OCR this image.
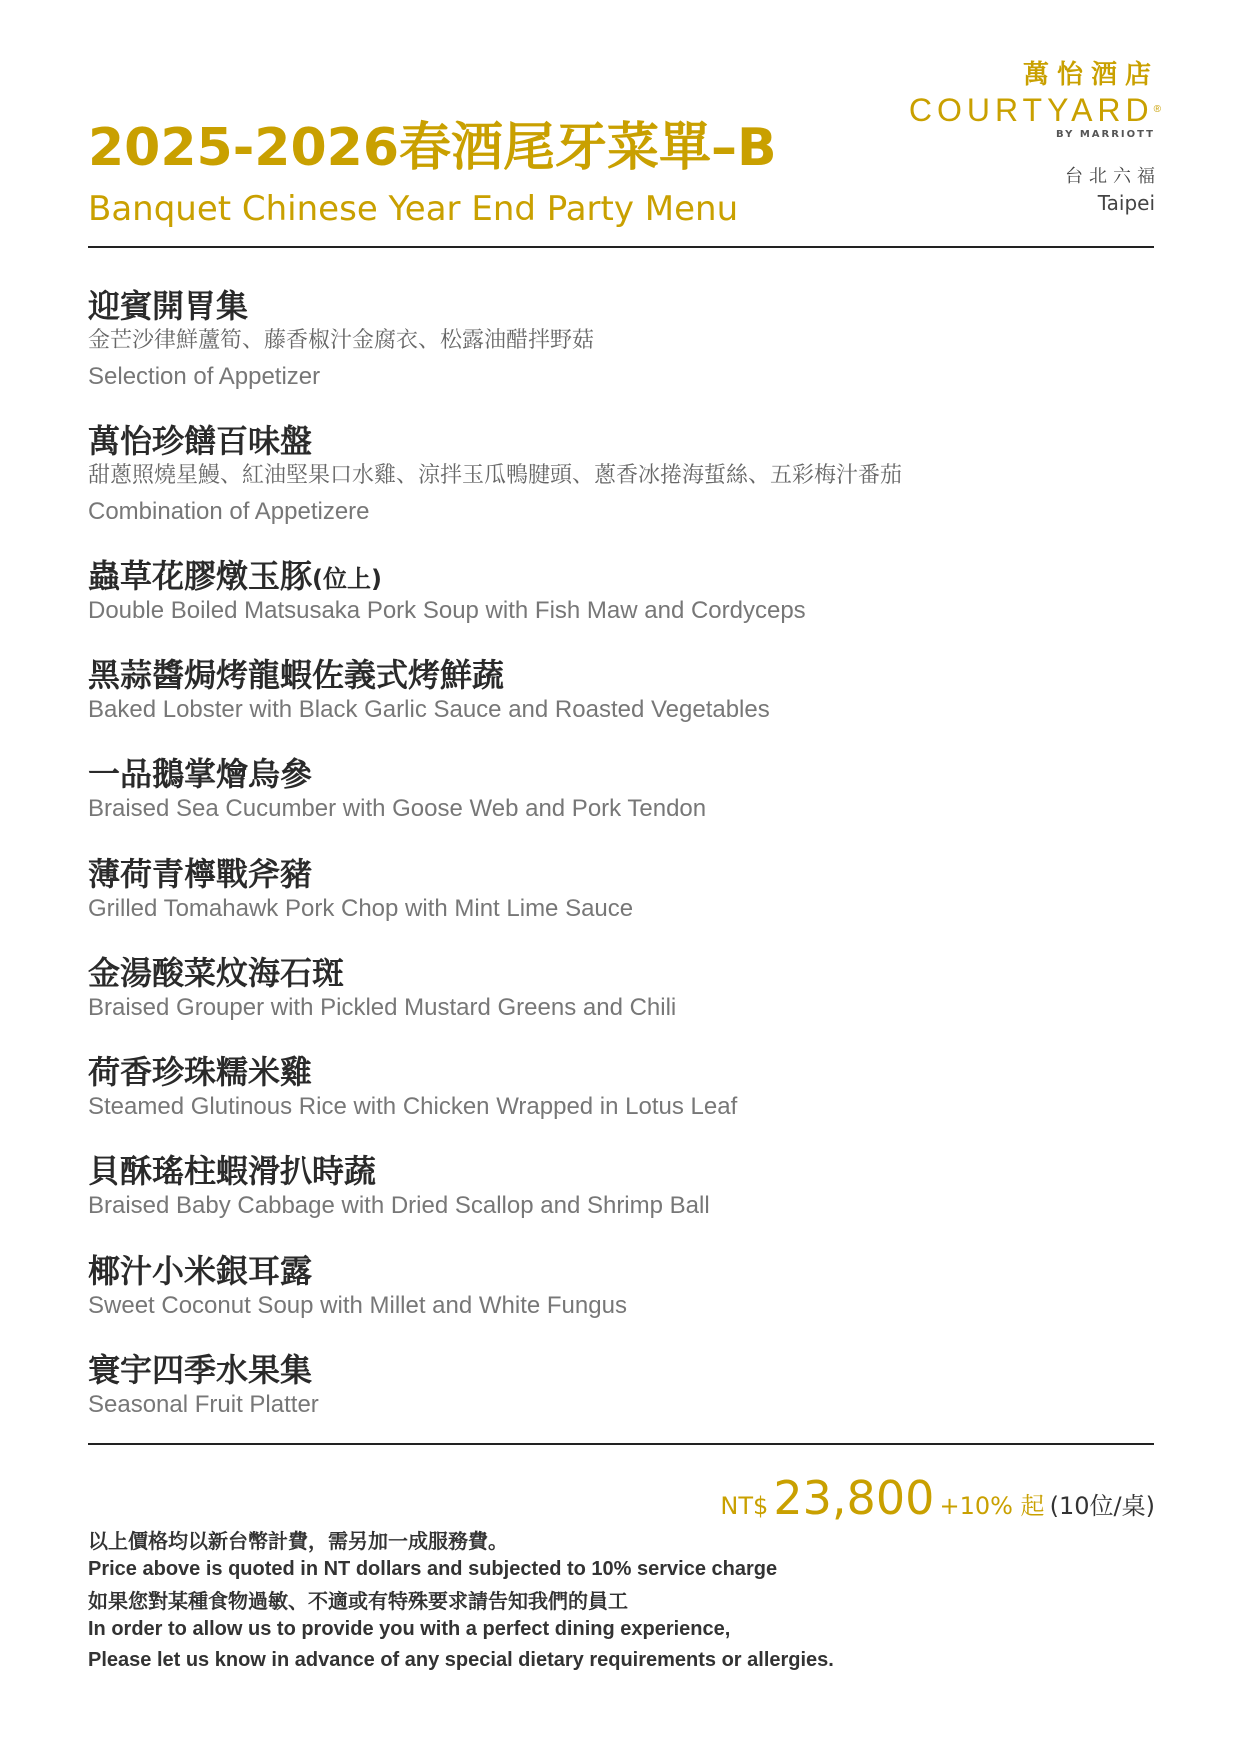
2025-2026春酒尾牙菜單–B
Banquet Chinese Year End Party Menu
萬怡酒店
COURTYARD®
BY MARRIOTT
台北六福
Taipei
迎賓開胃集
金芒沙律鮮蘆筍、藤香椒汁金腐衣、松露油醋拌野菇
Selection of Appetizer
萬怡珍饍百味盤
甜蔥照燒星鰻、紅油堅果口水雞、涼拌玉瓜鴨腱頭、蔥香冰捲海蜇絲、五彩梅汁番茄
Combination of Appetizere
蟲草花膠燉玉豚(位上)
Double Boiled Matsusaka Pork Soup with Fish Maw and Cordyceps
黑蒜醬焗烤龍蝦佐義式烤鮮蔬
Baked Lobster with Black Garlic Sauce and Roasted Vegetables
一品鵝掌燴烏參
Braised Sea Cucumber with Goose Web and Pork Tendon
薄荷青檸戰斧豬
Grilled Tomahawk Pork Chop with Mint Lime Sauce
金湯酸菜炆海石斑
Braised Grouper with Pickled Mustard Greens and Chili
荷香珍珠糯米雞
Steamed Glutinous Rice with Chicken Wrapped in Lotus Leaf
貝酥瑤柱蝦滑扒時蔬
Braised Baby Cabbage with Dried Scallop and Shrimp Ball
椰汁小米銀耳露
Sweet Coconut Soup with Millet and White Fungus
寰宇四季水果集
Seasonal Fruit Platter
NT$ 23,800 +10% 起 (10位/桌)
以上價格均以新台幣計費，需另加一成服務費。
Price above is quoted in NT dollars and subjected to 10% service charge
如果您對某種食物過敏、不適或有特殊要求請告知我們的員工
In order to allow us to provide you with a perfect dining experience,
Please let us know in advance of any special dietary requirements or allergies.
